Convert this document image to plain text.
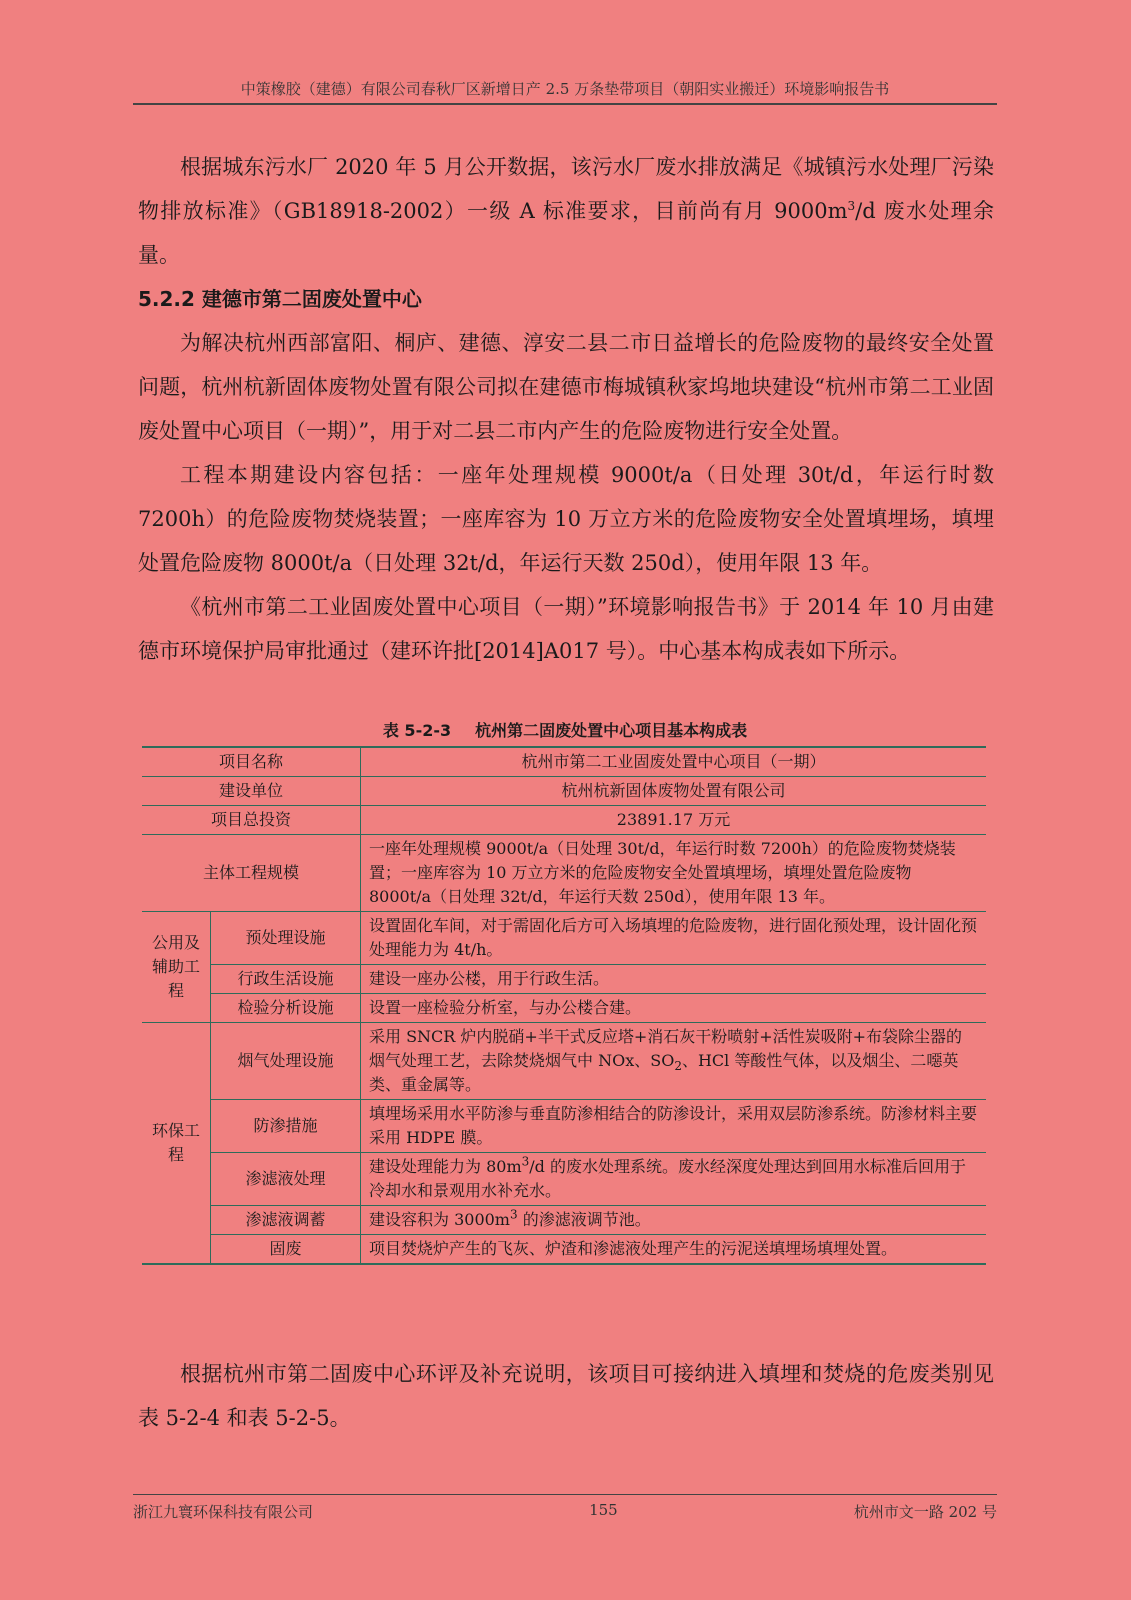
中策橡胶（建德）有限公司春秋厂区新增日产 2.5 万条垫带项目（朝阳实业搬迁）环境影响报告书

根据城东污水厂 2020 年 5 月公开数据，该污水厂废水排放满足《城镇污水处理厂污染物排放标准》（GB18918-2002）一级 A 标准要求，目前尚有月 $9000m^3/d$ 废水处理余量。

5.2.2 建德市第二固废处置中心

为解决杭州西部富阳、桐庐、建德、淳安二县二市日益增长的危险废物的最终安全处置问题，杭州杭新固体废物处置有限公司拟在建德市梅城镇秋家坞地块建设“杭州市第二工业固废处置中心项目（一期）”，用于对二县二市内产生的危险废物进行安全处置。

工程本期建设内容包括：一座年处理规模 9000t/a（日处理 30t/d，年运行时数 7200h）的危险废物焚烧装置；一座库容为 10 万立方米的危险废物安全处置填埋场，填埋处置危险废物 8000t/a（日处理 32t/d，年运行天数 250d），使用年限 13 年。

《杭州市第二工业固废处置中心项目（一期）”环境影响报告书》于 2014 年 10 月由建德市环境保护局审批通过（建环许批[2014]A017 号）。中心基本构成表如下所示。

表 5-2-3 杭州第二固废处置中心项目基本构成表
项目名称		杭州市第二工业固废处置中心项目（一期）
建设单位		杭州杭新固体废物处置有限公司
项目总投资		23891.17 万元
主体工程规模		一座年处理规模 9000t/a（日处理 30t/d，年运行时数 7200h）的危险废物焚烧装置；一座库容为 10 万立方米的危险废物安全处置填埋场，填埋处置危险废物 8000t/a（日处理 32t/d，年运行天数 250d），使用年限 13 年。
公用及辅助工程	预处理设施	设置固化车间，对于需固化后方可入场填埋的危险废物，进行固化预处理，设计固化预处理能力为 4t/h。
	行政生活设施	建设一座办公楼，用于行政生活。
	检验分析设施	设置一座检验分析室，与办公楼合建。
环保工程	烟气处理设施	采用 SNCR 炉内脱硝+半干式反应塔+消石灰干粉喷射+活性炭吸附+布袋除尘器的烟气处理工艺，去除焚烧烟气中 NOx、$SO_2$、HCl 等酸性气体，以及烟尘、二噁英类、重金属等。
	防渗措施	填埋场采用水平防渗与垂直防渗相结合的防渗设计，采用双层防渗系统。防渗材料主要采用 HDPE 膜。
	渗滤液处理	建设处理能力为 $80m^3/d$ 的废水处理系统。废水经深度处理达到回用水标准后回用于冷却水和景观用水补充水。
	渗滤液调蓄	建设容积为 $3000m^3$ 的渗滤液调节池。
	固废	项目焚烧炉产生的飞灰、炉渣和渗滤液处理产生的污泥送填埋场填埋处置。

根据杭州市第二固废中心环评及补充说明，该项目可接纳进入填埋和焚烧的危废类别见表 5-2-4 和表 5-2-5。

浙江九寰环保科技有限公司	155	杭州市文一路 202 号
